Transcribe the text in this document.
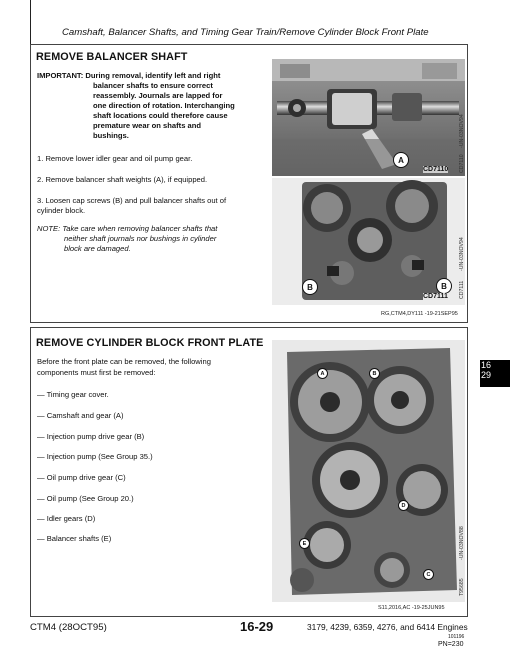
Camshaft, Balancer Shafts, and Timing Gear Train/Remove Cylinder Block Front Plate
REMOVE BALANCER SHAFT
IMPORTANT: During removal, identify left and right
balancer shafts to ensure correct
reassembly. Journals are lapped for
one direction of rotation. Interchanging
shaft locations could therefore cause
premature wear on shafts and
bushings.
1. Remove lower idler gear and oil pump gear.
2. Remove balancer shaft weights (A), if equipped.
3. Loosen cap screws (B) and pull balancer shafts out of
cylinder block.
NOTE: Take care when removing balancer shafts that
neither shaft journals nor bushings in cylinder
block are damaged.
A
CD7110
-UN-03NOV94
CD7110
B	B
CD7111
-UN-03NOV94
CD7111
RG,CTM4,DY111 -19-21SEP95
REMOVE CYLINDER BLOCK FRONT PLATE
Before the front plate can be removed, the following
components must first be removed:
— Timing gear cover.
— Camshaft and gear (A)
— Injection pump drive gear (B)
— Injection pump (See Group 35.)
— Oil pump drive gear (C)
— Oil pump (See Group 20.)
— Idler gears (D)
— Balancer shafts (E)
A	B
C
D
E	-UN-03NOV88
T95685
S11,2016,AC -19-25JUN95
16
29
CTM4 (28OCT95)	16-29	3179, 4239, 6359, 4276, and 6414 Engines
101196
PN=230
